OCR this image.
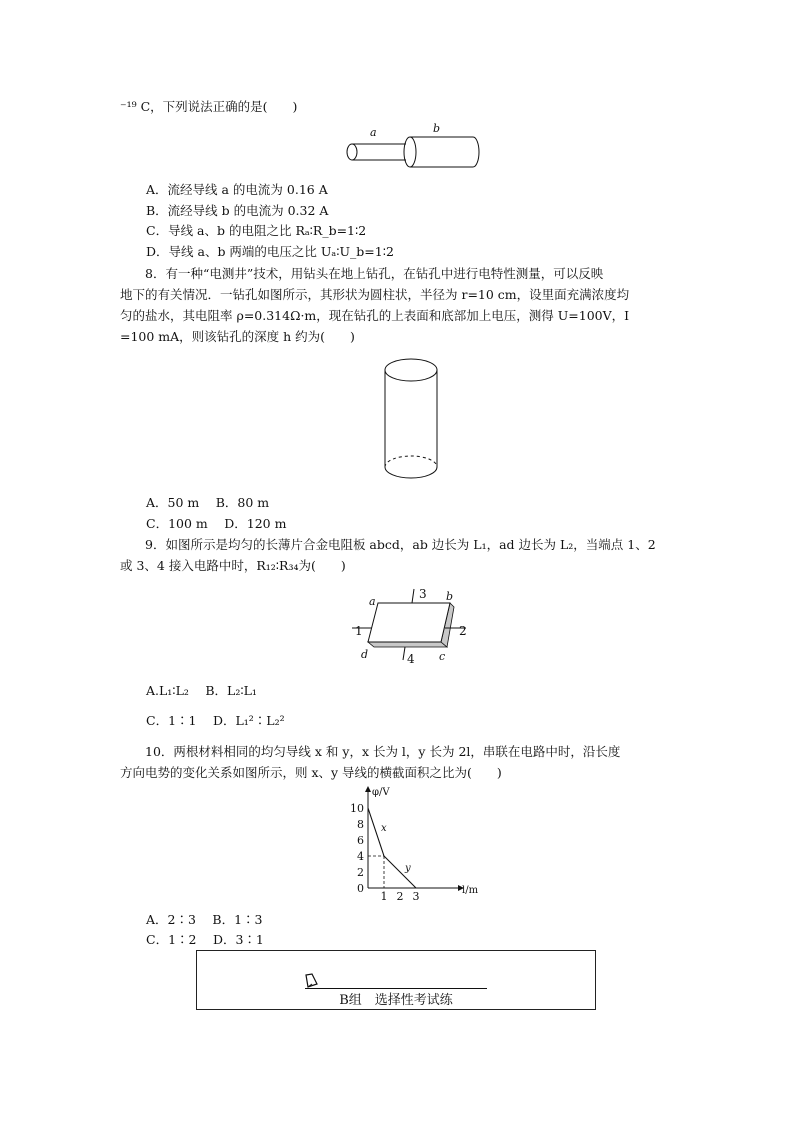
⁻¹⁹ C，下列说法正确的是(　　)
a	b
A．流经导线 a 的电流为 0.16 A
B．流经导线 b 的电流为 0.32 A
C．导线 a、b 的电阻之比 Rₐ∶R_b=1∶2
D．导线 a、b 两端的电压之比 Uₐ∶U_b=1∶2
　　8．有一种“电测井”技术，用钻头在地上钻孔，在钻孔中进行电特性测量，可以反映
地下的有关情况．一钻孔如图所示，其形状为圆柱状，半径为 r=10 cm，设里面充满浓度均
匀的盐水，其电阻率 ρ=0.314Ω·m，现在钻孔的上表面和底部加上电压，测得 U=100V，I
=100 mA，则该钻孔的深度 h 约为(　　)
A．50 m　 B．80 m
C．100 m　 D．120 m
　　9．如图所示是均匀的长薄片合金电阻板 abcd，ab 边长为 L₁，ad 边长为 L₂，当端点 1、2
或 3、4 接入电路中时，R₁₂∶R₃₄为(　　)
a	b
c
d
1	2
3
4
A.L₁∶L₂　 B．L₂∶L₁
C．1∶1　 D．L₁²∶L₂²
　　10．两根材料相同的均匀导线 x 和 y，x 长为 l，y 长为 2l，串联在电路中时，沿长度
方向电势的变化关系如图所示，则 x、y 导线的横截面积之比为(　　)
φ/V
l/m
0
2
4
6
8
10
1 2 3
x
y
A．2∶3　 B．1∶3
C．1∶2　 D．3∶1
B组　选择性考试练
